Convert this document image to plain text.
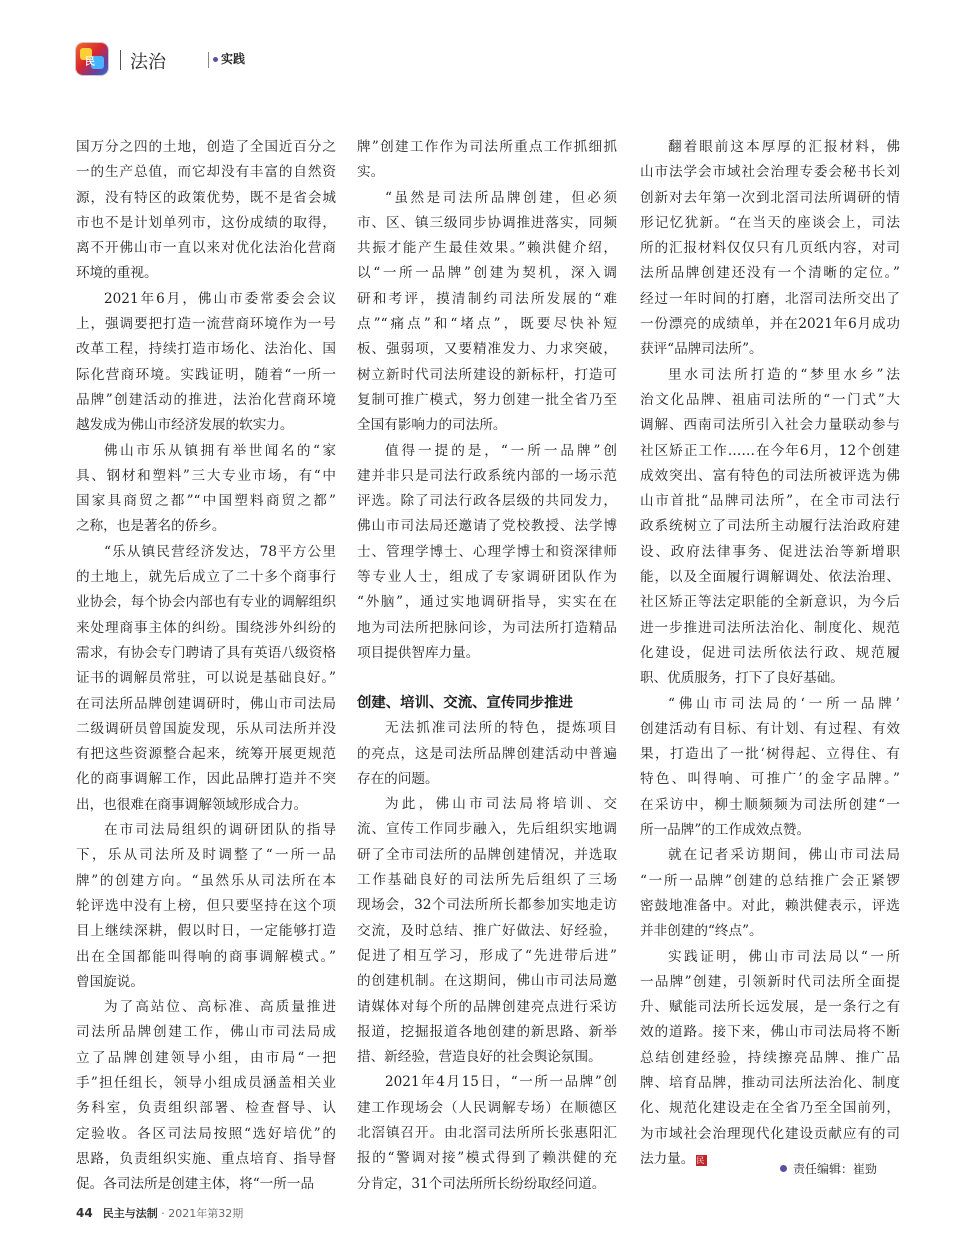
民 法治	实践
国万分之四的土地，创造了全国近百分之
一的生产总值，而它却没有丰富的自然资
源，没有特区的政策优势，既不是省会城
市也不是计划单列市，这份成绩的取得，
离不开佛山市一直以来对优化法治化营商
环境的重视。
2021年6月，佛山市委常委会会议
上，强调要把打造一流营商环境作为一号
改革工程，持续打造市场化、法治化、国
际化营商环境。实践证明，随着“一所一
品牌”创建活动的推进，法治化营商环境
越发成为佛山市经济发展的软实力。
佛山市乐从镇拥有举世闻名的“家
具、钢材和塑料”三大专业市场，有“中
国家具商贸之都”“中国塑料商贸之都”
之称，也是著名的侨乡。
“乐从镇民营经济发达，78平方公里
的土地上，就先后成立了二十多个商事行
业协会，每个协会内部也有专业的调解组织
来处理商事主体的纠纷。围绕涉外纠纷的
需求，有协会专门聘请了具有英语八级资格
证书的调解员常驻，可以说是基础良好。”
在司法所品牌创建调研时，佛山市司法局
二级调研员曾国旋发现，乐从司法所并没
有把这些资源整合起来，统筹开展更规范
化的商事调解工作，因此品牌打造并不突
出，也很难在商事调解领域形成合力。
在市司法局组织的调研团队的指导
下，乐从司法所及时调整了“一所一品
牌”的创建方向。“虽然乐从司法所在本
轮评选中没有上榜，但只要坚持在这个项
目上继续深耕，假以时日，一定能够打造
出在全国都能叫得响的商事调解模式。”
曾国旋说。
为了高站位、高标准、高质量推进
司法所品牌创建工作，佛山市司法局成
立了品牌创建领导小组，由市局“一把
手”担任组长，领导小组成员涵盖相关业
务科室，负责组织部署、检查督导、认
定验收。各区司法局按照“选好培优”的
思路，负责组织实施、重点培育、指导督
促。各司法所是创建主体，将“一所一品
牌”创建工作作为司法所重点工作抓细抓
实。
“虽然是司法所品牌创建，但必须
市、区、镇三级同步协调推进落实，同频
共振才能产生最佳效果。”赖洪健介绍，
以“一所一品牌”创建为契机，深入调
研和考评，摸清制约司法所发展的“难
点”“痛点”和“堵点”，既要尽快补短
板、强弱项，又要精准发力、力求突破，
树立新时代司法所建设的新标杆，打造可
复制可推广模式，努力创建一批全省乃至
全国有影响力的司法所。
值得一提的是，“一所一品牌”创
建并非只是司法行政系统内部的一场示范
评选。除了司法行政各层级的共同发力，
佛山市司法局还邀请了党校教授、法学博
士、管理学博士、心理学博士和资深律师
等专业人士，组成了专家调研团队作为
“外脑”，通过实地调研指导，实实在在
地为司法所把脉问诊，为司法所打造精品
项目提供智库力量。
创建、培训、交流、宣传同步推进
无法抓准司法所的特色，提炼项目
的亮点，这是司法所品牌创建活动中普遍
存在的问题。
为此，佛山市司法局将培训、交
流、宣传工作同步融入，先后组织实地调
研了全市司法所的品牌创建情况，并选取
工作基础良好的司法所先后组织了三场
现场会，32个司法所所长都参加实地走访
交流，及时总结、推广好做法、好经验，
促进了相互学习，形成了“先进带后进”
的创建机制。在这期间，佛山市司法局邀
请媒体对每个所的品牌创建亮点进行采访
报道，挖掘报道各地创建的新思路、新举
措、新经验，营造良好的社会舆论氛围。
2021年4月15日，“一所一品牌”创
建工作现场会（人民调解专场）在顺德区
北滘镇召开。由北滘司法所所长张惠阳汇
报的“警调对接”模式得到了赖洪健的充
分肯定，31个司法所所长纷纷取经问道。
翻着眼前这本厚厚的汇报材料，佛
山市法学会市域社会治理专委会秘书长刘
创新对去年第一次到北滘司法所调研的情
形记忆犹新。“在当天的座谈会上，司法
所的汇报材料仅仅只有几页纸内容，对司
法所品牌创建还没有一个清晰的定位。”
经过一年时间的打磨，北滘司法所交出了
一份漂亮的成绩单，并在2021年6月成功
获评“品牌司法所”。
里水司法所打造的“梦里水乡”法
治文化品牌、祖庙司法所的“一门式”大
调解、西南司法所引入社会力量联动参与
社区矫正工作……在今年6月，12个创建
成效突出、富有特色的司法所被评选为佛
山市首批“品牌司法所”，在全市司法行
政系统树立了司法所主动履行法治政府建
设、政府法律事务、促进法治等新增职
能，以及全面履行调解调处、依法治理、
社区矫正等法定职能的全新意识，为今后
进一步推进司法所法治化、制度化、规范
化建设，促进司法所依法行政、规范履
职、优质服务，打下了良好基础。
“佛山市司法局的‘一所一品牌’
创建活动有目标、有计划、有过程、有效
果，打造出了一批‘树得起、立得住、有
特色、叫得响、可推广’的金字品牌。”
在采访中，柳士顺频频为司法所创建“一
所一品牌”的工作成效点赞。
就在记者采访期间，佛山市司法局
“一所一品牌”创建的总结推广会正紧锣
密鼓地准备中。对此，赖洪健表示，评选
并非创建的“终点”。
实践证明，佛山市司法局以“一所
一品牌”创建，引领新时代司法所全面提
升、赋能司法所长远发展，是一条行之有
效的道路。接下来，佛山市司法局将不断
总结创建经验，持续擦亮品牌、推广品
牌、培育品牌，推动司法所法治化、制度
化、规范化建设走在全省乃至全国前列，
为市域社会治理现代化建设贡献应有的司
法力量。 民
责任编辑：崔勁
44 民主与法制 · 2021年第32期
